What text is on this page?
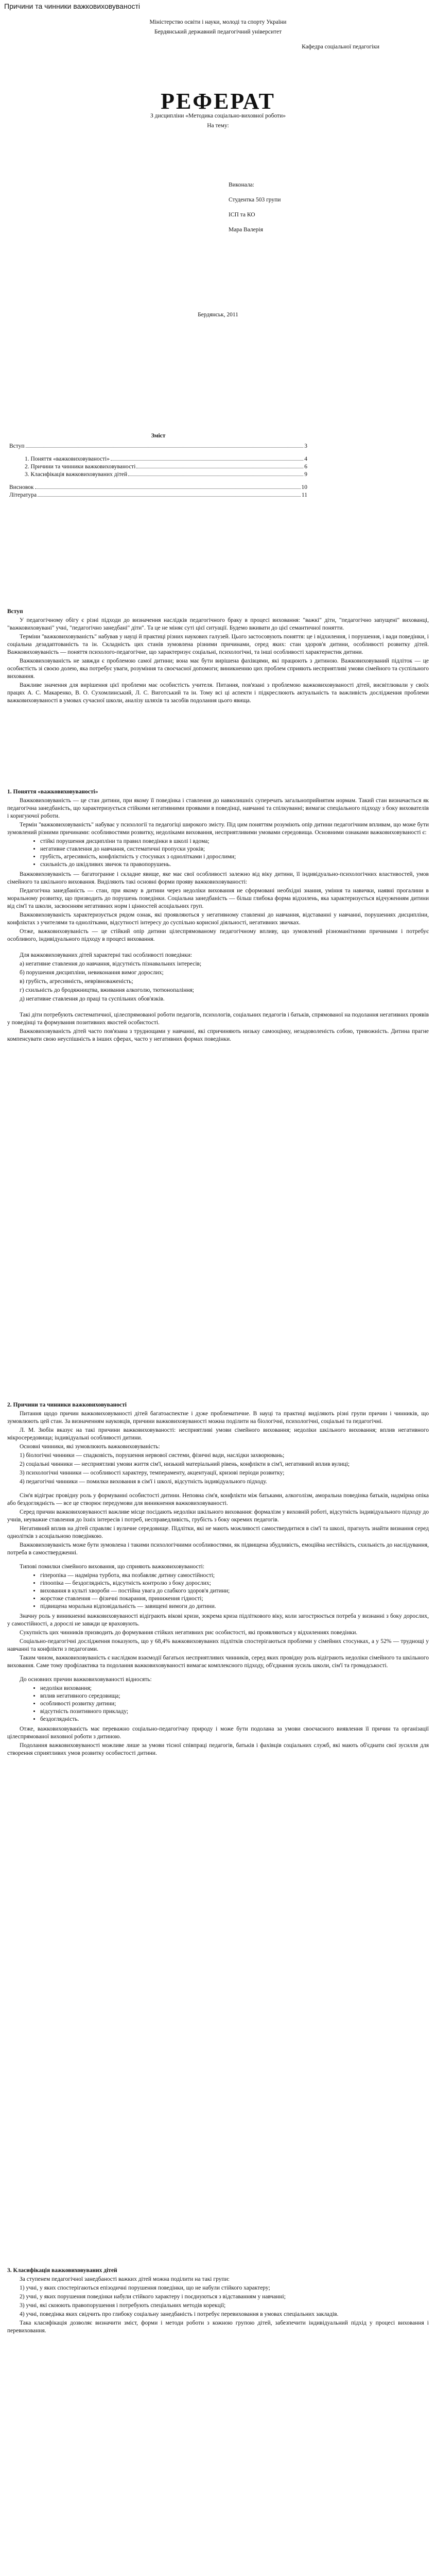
Причини та чинники важковиховуваності

Міністерство освіти і науки, молоді та спорту України

Бердянський державний педагогічний університет

Кафедра соціальної педагогіки

РЕФЕРАТ

З дисципліни «Методика соціально-виховної роботи»

На тему:

Виконала:

Студентка 503 групи

ІСП та КО

Мара Валерія

Бердянськ, 2011

Зміст

Вступ	3
1. Поняття «важковиховуваності»	4
2. Причини та чинники важковиховуваності	6
3. Класифікація важковиховуваних дітей	9
Висновок	10
Література	11

Вступ

У педагогічному обігу є різні підходи до визначення наслідків педагогічного браку в процесі виховання: "важкі" діти, "педагогічно запущені" вихованці, "важковиховувані" учні, "педагогічно занедбані" діти". Та це не міняє суті цієї ситуації. Будемо вживати до цієї семантичної понятти.

Терміни "важковиховуваність" набував у науці й практиці різних наукових галузей. Цього застосовують поняття: це і відхилення, і порушення, і вади поведінки, і соціальна дезадаптованість та ін. Складність цих станів зумовлена різними причинами, серед яких: стан здоров'я дитини, особливості розвитку дітей. Важковиховуваність — поняття психолого-педагогічне, що характеризує соціальні, психологічні, та інші особливості характеристик дитини.

Важковиховуваність не завжди є проблемою самої дитини; вона має бути вирішена фахівцями, які працюють з дитиною. Важковиховуваний підліток — це особистість зі своєю долею, яка потребує уваги, розуміння та своєчасної допомоги; виникненню цих проблем сприяють несприятливі умови сімейного та суспільного виховання.

Важливе значення для вирішення цієї проблеми має особистість учителя. Питання, пов'язані з проблемою важковиховуваності дітей, висвітлювали у своїх працях А. С. Макаренко, В. О. Сухомлинський, Л. С. Виготський та ін. Тому всі ці аспекти і підкреслюють актуальність та важливість дослідження проблеми важковиховуваності в умовах сучасної школи, аналізу шляхів та засобів подолання цього явища.

1. Поняття «важковиховуваності»

Важковиховуваність — це стан дитини, при якому її поведінка і ставлення до навколишніх суперечать загальноприйнятим нормам. Такий стан визначається як педагогічна занедбаність, що характеризується стійкими негативними проявами в поведінці, навчанні та спілкуванні; вимагає спеціального підходу з боку вихователів і коригуючої роботи.

Термін "важковиховуваність" набуває у психології та педагогіці широкого змісту. Під цим поняттям розуміють опір дитини педагогічним впливам, що може бути зумовлений різними причинами: особливостями розвитку, недоліками виховання, несприятливими умовами середовища. Основними ознаками важковиховуваності є:

• стійкі порушення дисципліни та правил поведінки в школі і вдома;
• негативне ставлення до навчання, систематичні пропуски уроків;
• грубість, агресивність, конфліктність у стосунках з однолітками і дорослими;
• схильність до шкідливих звичок та правопорушень.

Важковиховуваність — багатогранне і складне явище, яке має свої особливості залежно від віку дитини, її індивідуально-психологічних властивостей, умов сімейного та шкільного виховання. Виділяють такі основні форми прояву важковиховуваності:

Педагогічна занедбаність — стан, при якому в дитини через недоліки виховання не сформовані необхідні знання, уміння та навички, наявні прогалини в моральному розвитку, що призводить до порушень поведінки. Соціальна занедбаність — більш глибока форма відхилень, яка характеризується відчуженням дитини від сім'ї та школи, засвоєнням негативних норм і цінностей асоціальних груп.

Важковиховуваність характеризується рядом ознак, які проявляються у негативному ставленні до навчання, відставанні у навчанні, порушеннях дисципліни, конфліктах з учителями та однолітками, відсутності інтересу до суспільно корисної діяльності, негативних звичках.

Отже, важковиховуваність — це стійкий опір дитини цілеспрямованому педагогічному впливу, що зумовлений різноманітними причинами і потребує особливого, індивідуального підходу в процесі виховання.

Для важковиховуваних дітей характерні такі особливості поведінки:

а) негативне ставлення до навчання, відсутність пізнавальних інтересів;

б) порушення дисципліни, невиконання вимог дорослих;

в) грубість, агресивність, неврівноваженість;

г) схильність до бродяжництва, вживання алкоголю, тютюнопаління;

д) негативне ставлення до праці та суспільних обов'язків.

Такі діти потребують систематичної, цілеспрямованої роботи педагогів, психологів, соціальних педагогів і батьків, спрямованої на подолання негативних проявів у поведінці та формування позитивних якостей особистості.

Важковиховуваність дітей часто пов'язана з труднощами у навчанні, які спричиняють низьку самооцінку, незадоволеність собою, тривожність. Дитина прагне компенсувати свою неуспішність в інших сферах, часто у негативних формах поведінки.

2. Причини та чинники важковиховуваності

Питання щодо причин важковиховуваності дітей багатоаспектне і дуже проблематичне. В науці та практиці виділяють різні групи причин і чинників, що зумовлюють цей стан. За визначенням науковців, причини важковиховуваності можна поділити на біологічні, психологічні, соціальні та педагогічні.

Л. М. Зюбін вказує на такі причини важковиховуваності: несприятливі умови сімейного виховання; недоліки шкільного виховання; вплив негативного мікросередовища; індивідуальні особливості дитини.

Основні чинники, які зумовлюють важковиховуваність:

1) біологічні чинники — спадковість, порушення нервової системи, фізичні вади, наслідки захворювань;

2) соціальні чинники — несприятливі умови життя сім'ї, низький матеріальний рівень, конфлікти в сім'ї, негативний вплив вулиці;

3) психологічні чинники — особливості характеру, темпераменту, акцентуації, кризові періоди розвитку;

4) педагогічні чинники — помилки виховання в сім'ї і школі, відсутність індивідуального підходу.

Сім'я відіграє провідну роль у формуванні особистості дитини. Неповна сім'я, конфлікти між батьками, алкоголізм, аморальна поведінка батьків, надмірна опіка або бездоглядність — все це створює передумови для виникнення важковиховуваності.

Серед причин важковиховуваності важливе місце посідають недоліки шкільного виховання: формалізм у виховній роботі, відсутність індивідуального підходу до учнів, неуважне ставлення до їхніх інтересів і потреб, несправедливість, грубість з боку окремих педагогів.

Негативний вплив на дітей справляє і вуличне середовище. Підлітки, які не мають можливості самоствердитися в сім'ї та школі, прагнуть знайти визнання серед однолітків з асоціальною поведінкою.

Важковиховуваність може бути зумовлена і такими психологічними особливостями, як підвищена збудливість, емоційна нестійкість, схильність до наслідування, потреба в самоствердженні.

Типові помилки сімейного виховання, що сприяють важковиховуваності:

• гіперопіка — надмірна турбота, яка позбавляє дитину самостійності;
• гіпоопіка — бездоглядність, відсутність контролю з боку дорослих;
• виховання в культі хвороби — постійна увага до слабкого здоров'я дитини;
• жорстоке ставлення — фізичні покарання, приниження гідності;
• підвищена моральна відповідальність — завищені вимоги до дитини.

Значну роль у виникненні важковиховуваності відіграють вікові кризи, зокрема криза підліткового віку, коли загострюється потреба у визнанні з боку дорослих, у самостійності, а дорослі не завжди це враховують.

Сукупність цих чинників призводить до формування стійких негативних рис особистості, які проявляються у відхиленнях поведінки.

Соціально-педагогічні дослідження показують, що у 68,4% важковиховуваних підлітків спостерігаються проблеми у сімейних стосунках, а у 52% — труднощі у навчанні та конфлікти з педагогами.

Таким чином, важковиховуваність є наслідком взаємодії багатьох несприятливих чинників, серед яких провідну роль відіграють недоліки сімейного та шкільного виховання. Саме тому профілактика та подолання важковиховуваності вимагає комплексного підходу, об'єднання зусиль школи, сім'ї та громадськості.

До основних причин важковиховуваності відносять:

• недоліки виховання;
• вплив негативного середовища;
• особливості розвитку дитини;
• відсутність позитивного прикладу;
• бездоглядність.

Отже, важковиховуваність має переважно соціально-педагогічну природу і може бути подолана за умови своєчасного виявлення її причин та організації цілеспрямованої виховної роботи з дитиною.

Подолання важковиховуваності можливе лише за умови тісної співпраці педагогів, батьків і фахівців соціальних служб, які мають об'єднати свої зусилля для створення сприятливих умов розвитку особистості дитини.

3. Класифікація важковиховуваних дітей

За ступенем педагогічної занедбаності важких дітей можна поділити на такі групи:

1) учні, у яких спостерігаються епізодичні порушення поведінки, що не набули стійкого характеру;

2) учні, у яких порушення поведінки набули стійкого характеру і поєднуються з відставанням у навчанні;

3) учні, які скоюють правопорушення і потребують спеціальних методів корекції;

4) учні, поведінка яких свідчить про глибоку соціальну занедбаність і потребує перевиховання в умовах спеціальних закладів.

Така класифікація дозволяє визначити зміст, форми і методи роботи з кожною групою дітей, забезпечити індивідуальний підхід у процесі виховання і перевиховання.
